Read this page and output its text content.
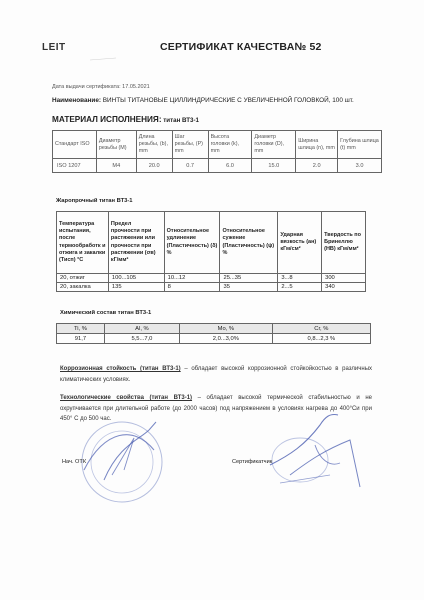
LEIT	СЕРТИФИКАТ КАЧЕСТВА№ 52
Дата выдачи сертификата: 17.05.2021
Наименование: ВИНТЫ ТИТАНОВЫЕ ЦИЛЛИНДРИЧЕСКИЕ С УВЕЛИЧЕННОЙ ГОЛОВКОЙ, 100 шт.
МАТЕРИАЛ ИСПОЛНЕНИЯ: титан ВТ3-1
Стандарт ISO	Диаметр резьбы (M)	Длина резьбы, (b), mm	Шаг резьбы, (P) mm	Высота головки (k), mm	Диаметр головки (D), mm	Ширина шлица (n), mm	Глубина шлица (t) mm
ISO 1207	M4	20.0	0.7	6.0	15.0	2.0	3.0
Жаропрочный титан ВТ3-1
Температура испытания, после термообработк и отжига и закалки (Тисп) °С	Предел прочности при растяжении или прочности при растяжении (σв) кГ/мм²	Относительное удлинение (Пластичность) (δ) %	Относительное сужение (Пластичность) (ψ) %	Ударная вязкость (ан) кГм/см²	Твердость по Бринеллю (НВ) кГм/мм²
20, отжиг	100...105	10...12	25...35	3...8	300
20, закалка	135	8	35	2...5	340
Химический состав титан ВТ3-1
Ti, %	Al, %	Mo, %	Cr, %
91,7	5,5...7,0	2,0...3,0%	0,8...2,3 %
Коррозионная стойкость (титан ВТ3-1) – обладает высокой коррозионной стойкойкостью в различных климатических условиях.
Технологические свойства (титан ВТ3-1) – обладает высокой термической стабильностью и не охрупчивается при длительной работе (до 2000 часов) под напряжением в условиях нагрева до 400°Си при 450° С до 500 час.
Нач. ОТК	Сертификатчик
